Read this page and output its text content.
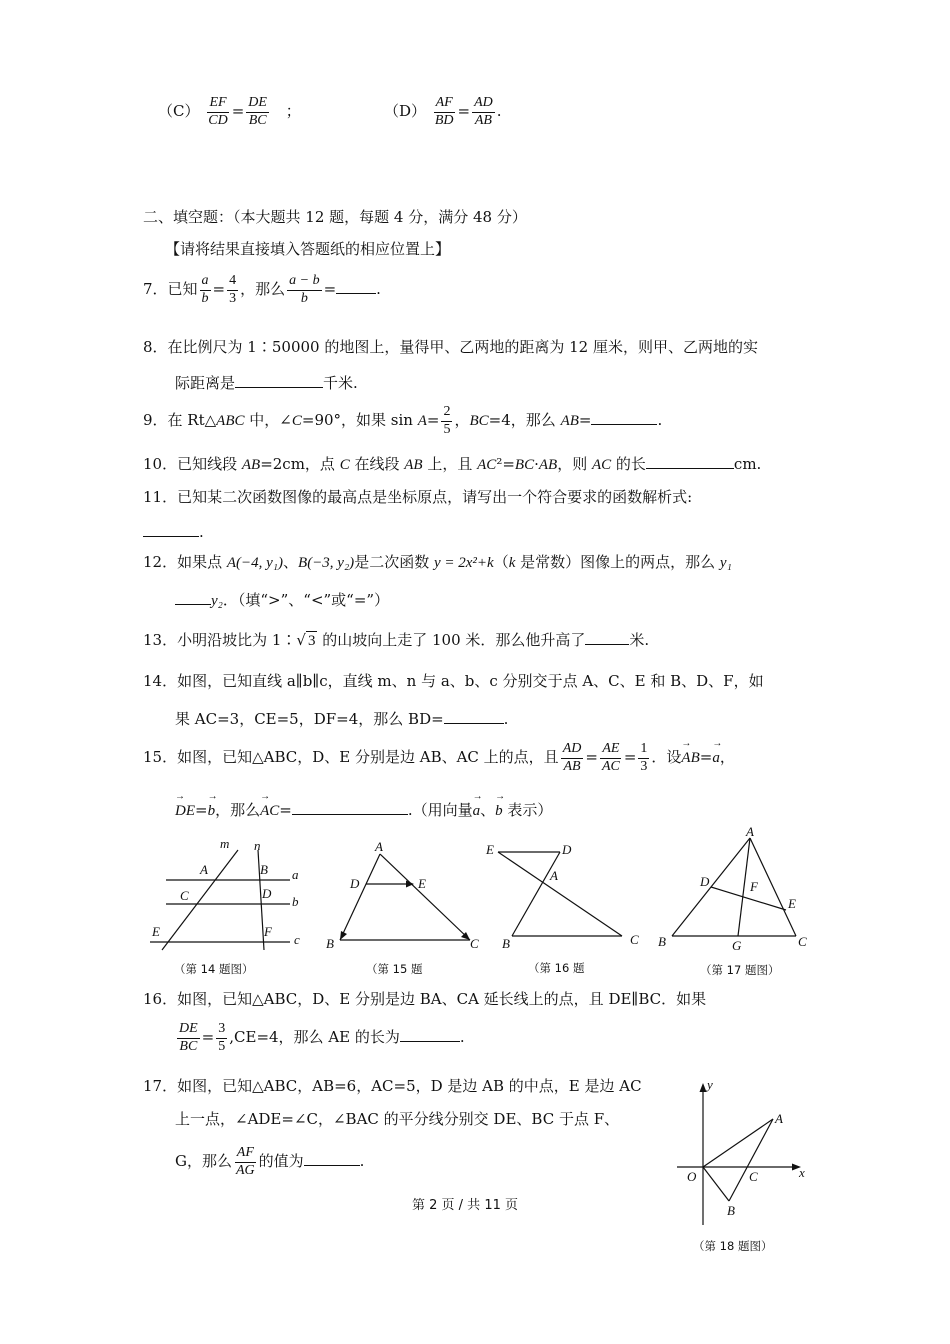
$(C) \frac{EF}{CD} = \frac{DE}{BC}$ ；	$(D) \frac{AF}{BD} = \frac{AD}{AB}$ .
二、填空题：（本大题共 12 题，每题 4 分，满分 48 分）
【请将结果直接填入答题纸的相应位置上】
7．已知 $\frac{a}{b} = \frac{4}{3}$ ，那么 $\frac{a - b}{b}$ =	.
8．在比例尺为 1∶50000 的地图上，量得甲、乙两地的距离为 12 厘米，则甲、乙两地的实
际距离是	千米.
9．在 Rt△ABC 中，∠C=90°，如果 $\sin A= \frac{2}{5}$ ，BC=4，那么 AB=	.
10．已知线段 AB=2cm，点 C 在线段 AB 上，且 AC²=BC·AB，则 AC 的长	cm.
11．已知某二次函数图像的最高点是坐标原点，请写出一个符合要求的函数解析式:
.
12．如果点 A(−4, y₁)、B(−3, y₂)是二次函数 y = 2x²+k（k 是常数）图像上的两点，那么 y₁
y₂．（填“>”、“<”或“=”）
13．小明沿坡比为 1∶√ 3 的山坡向上走了 100 米．那么他升高了	米.
14．如图，已知直线 a∥b∥c，直线 m、n 与 a、b、c 分别交于点 A、C、E 和 B、D、F，如
果 AC=3，CE=5，DF=4，那么 BD=	.
15．如图，已知△ABC，D、E 分别是边 AB、AC 上的点，且 $\frac{AD}{AB} = \frac{AE}{AC} = \frac{1}{3}$ ．设→ AB=→ a，
→ DE=→ b，那么→ AC=	.（用向量→ a、→ b 表示）
m n
A	B a
C	D
b
E	F
c
（第 14 题图）
A
D	E
B	C
（第 15 题
E	D
A
B	C
（第 16 题
A
D	F
E
B	G	C
（第 17 题图）
16．如图，已知△ABC，D、E 分别是边 BA、CA 延长线上的点，且 DE∥BC．如果
$\frac{DE}{BC} = \frac{3}{5} ,CE=4$，那么 AE 的长为	.
17．如图，已知△ABC，AB=6，AC=5，D 是边 AB 的中点，E 是边 AC
上一点，∠ADE=∠C，∠BAC 的平分线分别交 DE、BC 于点 F、
G，那么 $\frac{AF}{AG}$ 的值为	.
y
A
O	C	x
B
（第 18 题图）
第 2 页 / 共 11 页
